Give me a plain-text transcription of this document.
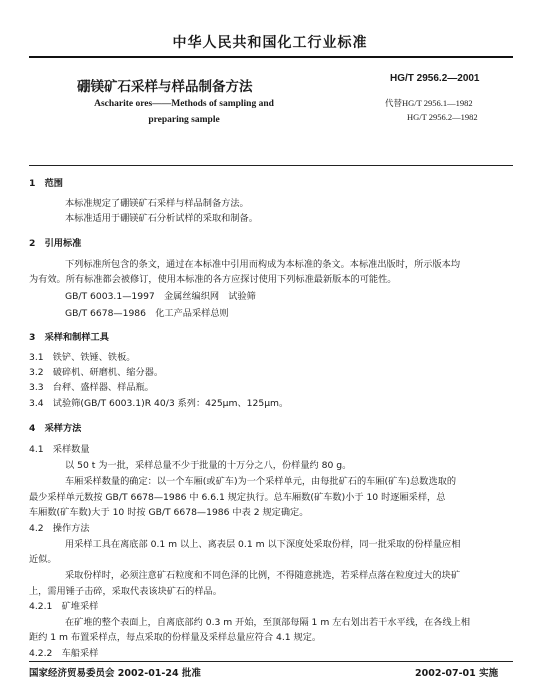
中华人民共和国化工行业标准
硼镁矿石采样与样品制备方法
HG/T 2956.2—2001
Ascharite ores——Methods of sampling and
preparing sample
代替HG/T 2956.1—1982
HG/T 2956.2—1982
1　范围
本标准规定了硼镁矿石采样与样品制备方法。
本标准适用于硼镁矿石分析试样的采取和制备。
2　引用标准
下列标准所包含的条文，通过在本标准中引用而构成为本标准的条文。本标准出版时，所示版本均
为有效。所有标准都会被修订，使用本标准的各方应探讨使用下列标准最新版本的可能性。
GB/T 6003.1—1997　金属丝编织网　试验筛
GB/T 6678—1986　化工产品采样总则
3　采样和制样工具
3.1　铁铲、铁锤、铁板。
3.2　破碎机、研磨机、缩分器。
3.3　台秤、盛样器、样品瓶。
3.4　试验筛(GB/T 6003.1)R 40/3 系列：425μm、125μm。
4　采样方法
4.1　采样数量
以 50 t 为一批，采样总量不少于批量的十万分之八，份样量约 80 g。
车厢采样数量的确定：以一个车厢(或矿车)为一个采样单元，由每批矿石的车厢(矿车)总数选取的
最少采样单元数按 GB/T 6678—1986 中 6.6.1 规定执行。总车厢数(矿车数)小于 10 时逐厢采样，总
车厢数(矿车数)大于 10 时按 GB/T 6678—1986 中表 2 规定确定。
4.2　操作方法
用采样工具在离底部 0.1 m 以上、离表层 0.1 m 以下深度处采取份样，同一批采取的份样量应相
近似。
采取份样时，必须注意矿石粒度和不同色泽的比例，不得随意挑选，若采样点落在粒度过大的块矿
上，需用锤子击碎，采取代表该块矿石的样品。
4.2.1　矿堆采样
在矿堆的整个表面上，自离底部约 0.3 m 开始，至顶部每隔 1 m 左右划出若干水平线，在各线上相
距约 1 m 布置采样点，每点采取的份样量及采样总量应符合 4.1 规定。
4.2.2　车船采样
国家经济贸易委员会 2002-01-24 批准	2002-07-01 实施
